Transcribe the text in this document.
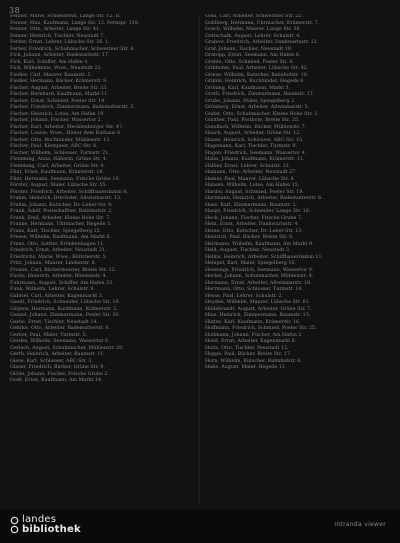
38

Fenner, Marie, Schneiderin, Lange Str. 12. II.

Fenner, Max, Kaufmann, Lange Str. 12. Fernspr. 318.

Fenner, Otto, Arbeiter, Lange Str. 41.

Fenner, Heinrich, Tischler, Neustadt 7.

Ferber, Ernst, Lehrer, Lübsche Str. 26. I.

Ferber, Friedrich, Schuhmacher, Schweriner Str. 8.

Fick, Johann, Arbeiter, Dankwartsstr. 17.

Fick, Karl, Schiffer, Am Hafen 4.

Fick, Wilhelmine, Wwe., Neustadt 22.

Fiedler, Carl, Maurer, Baumstr. 5.

Fiedler, Hermann, Bäcker, Krämerstr. 9.

Fischer, August, Arbeiter, Breite Str. 33.

Fischer, Bernhard, Kaufmann, Markt 11.

Fischer, Ernst, Schmied, Poeler Str. 14.

Fischer, Friedrich, Zimmermann, Bademutterstr. 3.

Fischer, Heinrich, Lotse, Am Hafen 19.

Fischer, Johann, Fischer, Wassertor 2.

Fischer, Karl, Arbeiter, Mecklenburger Str. 47.

Fischer, Louise, Wwe., Hinter dem Rathaus 6.

Fischer, Otto, Buchbinder, Mühlenstr. 12.

Fischer, Paul, Klempner, ABC-Str. 8.

Fischer, Wilhelm, Schlosser, Turmstr. 21.

Flemming, Anna, Näherin, Grüne Str. 4.

Flemming, Carl, Arbeiter, Grüne Str. 4.

Flint, Ernst, Kaufmann, Krämerstr. 18.

Flint, Hermann, Seemann, Frische Grube 10.

Förster, August, Maler, Lübsche Str. 55.

Förster, Friedrich, Arbeiter, Schiffbauerdamm 6.

Frahm, Heinrich, Drechsler, Altwismarstr. 13.

Frahm, Johann, Kutscher, Dr.-Leber-Str. 9.

Frank, Adolf, Postschaffner, Bahnhofstr. 2.

Frank, Emil, Arbeiter, Kleine Hohe Str. 7.

Franke, Hermann, Uhrmacher, Hegede 3.

Franz, Karl, Tischler, Spiegelberg 15.

Freese, Wilhelm, Kaufmann, Am Markt 6.

Frenz, Otto, Sattler, Krönkenhagen 11.

Friedrich, Ernst, Arbeiter, Neustadt 31.

Friedrichs, Marie, Wwe., Böttcherstr. 5.

Fritz, Johann, Maurer, Lindenstr. 8.

Fromm, Carl, Bäckermeister, Breite Str. 12.

Fuchs, Heinrich, Arbeiter, Bliedenstr. 4.

Fuhrmann, August, Schiffer, Am Hafen 23.

Funk, Wilhelm, Lehrer, Schulstr. 9.

Gabriel, Carl, Arbeiter, Kagenmarkt 3.

Gaedt, Friedrich, Schneider, Lübsche Str. 19.

Gätjens, Hermann, Kaufmann, Krämerstr. 2.

Ganzel, Johann, Zimmermann, Poeler Str. 30.

Garbe, Ernst, Tischler, Neustadt 14.

Gehrke, Otto, Arbeiter, Bademutterstr. 8.

Gerber, Paul, Maler, Turmstr. 5.

Gerdes, Wilhelm, Seemann, Wassertor 6.

Gerlach, August, Schuhmacher, Mühlenstr. 20.

Gerth, Heinrich, Arbeiter, Baumstr. 11.

Giese, Karl, Schlosser, ABC-Str. 3.

Glaser, Friedrich, Bäcker, Grüne Str. 9.

Glöde, Johann, Fischer, Frische Grube 2.

Godt, Ernst, Kaufmann, Am Markt 14.

Gohl, Carl, Arbeiter, Schweriner Str. 22.

Goldberg, Hermann, Uhrmacher, Krämerstr. 7.

Gosch, Wilhelm, Maurer, Lange Str. 36.

Gottschalk, August, Lehrer, Schulstr. 4.

Grabow, Friedrich, Arbeiter, Dankwartsstr. 12.

Graf, Johann, Tischler, Neustadt 19.

Gratopp, Ernst, Seemann, Am Hafen 8.

Grebin, Otto, Schmied, Poeler Str. 6.

Gribbohm, Paul, Arbeiter, Lübsche Str. 42.

Griese, Wilhelm, Kutscher, Bahnhofstr. 10.

Grimm, Heinrich, Buchbinder, Hegede 8.

Gröning, Karl, Kaufmann, Markt 3.

Groth, Friedrich, Zimmermann, Baumstr. 17.

Grube, Johann, Maler, Spiegelberg 2.

Grünberg, Ernst, Arbeiter, Altwismarstr. 5.

Gudat, Otto, Schuhmacher, Kleine Hohe Str. 3.

Günther, Paul, Postbote, Breite Str. 25.

Gundlach, Wilhelm, Bäcker, Mühlenstr. 7.

Haack, August, Arbeiter, Grüne Str. 12.

Haase, Heinrich, Schlosser, ABC-Str. 15.

Hagemann, Karl, Tischler, Turmstr. 9.

Hagen, Friedrich, Seemann, Wassertor 4.

Hahn, Johann, Kaufmann, Krämerstr. 11.

Hallier, Ernst, Lehrer, Schulstr. 12.

Hamann, Otto, Arbeiter, Neustadt 27.

Hamer, Paul, Maurer, Lübsche Str. 8.

Hansen, Wilhelm, Lotse, Am Hafen 15.

Harder, August, Schmied, Poeler Str. 19.

Hartmann, Heinrich, Arbeiter, Bademutterstr. 6.

Hase, Karl, Zimmermann, Baumstr. 2.

Haupt, Friedrich, Schneider, Lange Str. 18.

Heck, Johann, Fischer, Frische Grube 7.

Hein, Ernst, Arbeiter, Dankwartsstr. 4.

Heine, Otto, Kutscher, Dr.-Leber-Str. 13.

Heinrich, Paul, Bäcker, Breite Str. 8.

Heitmann, Wilhelm, Kaufmann, Am Markt 9.

Held, August, Tischler, Neustadt 3.

Helms, Heinrich, Arbeiter, Schiffbauerdamm 11.

Hempel, Karl, Maler, Spiegelberg 10.

Hennings, Friedrich, Seemann, Wassertor 9.

Herbst, Johann, Schuhmacher, Mühlenstr. 4.

Hermann, Ernst, Arbeiter, Altwismarstr. 18.

Herrmann, Otto, Schlosser, Turmstr. 14.

Hesse, Paul, Lehrer, Schulstr. 2.

Heyden, Wilhelm, Maurer, Lübsche Str. 61.

Hildebrandt, August, Arbeiter, Grüne Str. 7.

Hinz, Heinrich, Zimmermann, Baumstr. 13.

Hintze, Karl, Kaufmann, Krämerstr. 16.

Hoffmann, Friedrich, Schmied, Poeler Str. 25.

Hollmann, Johann, Fischer, Am Hafen 2.

Holst, Ernst, Arbeiter, Kagenmarkt 8.

Holtz, Otto, Tischler, Neustadt 12.

Hoppe, Paul, Bäcker, Breite Str. 17.

Horn, Wilhelm, Kutscher, Bahnhofstr. 6.

Hube, August, Maler, Hegede 11.

landes
bibliothek	intranda viewer
